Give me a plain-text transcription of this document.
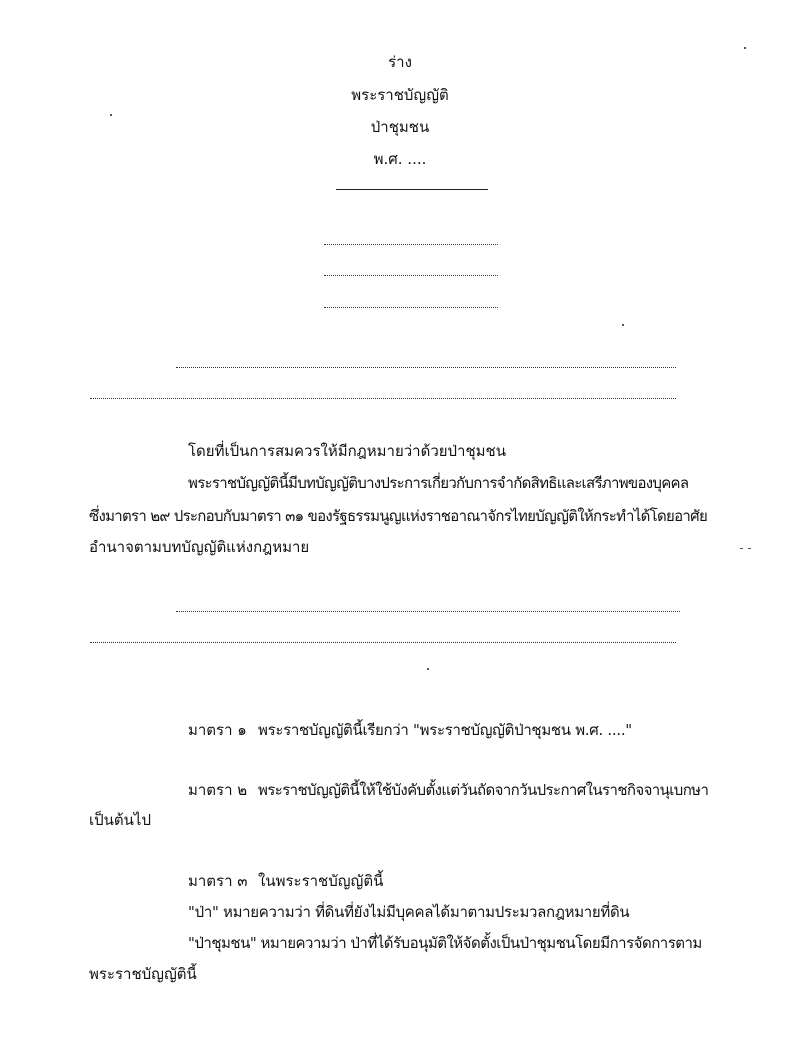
ร่าง
พระราชบัญญัติ
ป่าชุมชน
พ.ศ. ....
โดยที่เป็นการสมควรให้มีกฎหมายว่าด้วยป่าชุมชน
พระราชบัญญัตินี้มีบทบัญญัติบางประการเกี่ยวกับการจำกัดสิทธิและเสรีภาพของบุคคล
ซึ่งมาตรา ๒๙ ประกอบกับมาตรา ๓๑ ของรัฐธรรมนูญแห่งราชอาณาจักรไทยบัญญัติให้กระทำได้โดยอาศัย
อำนาจตามบทบัญญัติแห่งกฎหมาย
มาตรา ๑ พระราชบัญญัตินี้เรียกว่า "พระราชบัญญัติป่าชุมชน พ.ศ. ...."
มาตรา ๒ พระราชบัญญัตินี้ให้ใช้บังคับตั้งแต่วันถัดจากวันประกาศในราชกิจจานุเบกษา
เป็นต้นไป
มาตรา ๓ ในพระราชบัญญัตินี้
"ป่า" หมายความว่า ที่ดินที่ยังไม่มีบุคคลได้มาตามประมวลกฎหมายที่ดิน
"ป่าชุมชน" หมายความว่า ป่าที่ได้รับอนุมัติให้จัดตั้งเป็นป่าชุมชนโดยมีการจัดการตาม
พระราชบัญญัตินี้
